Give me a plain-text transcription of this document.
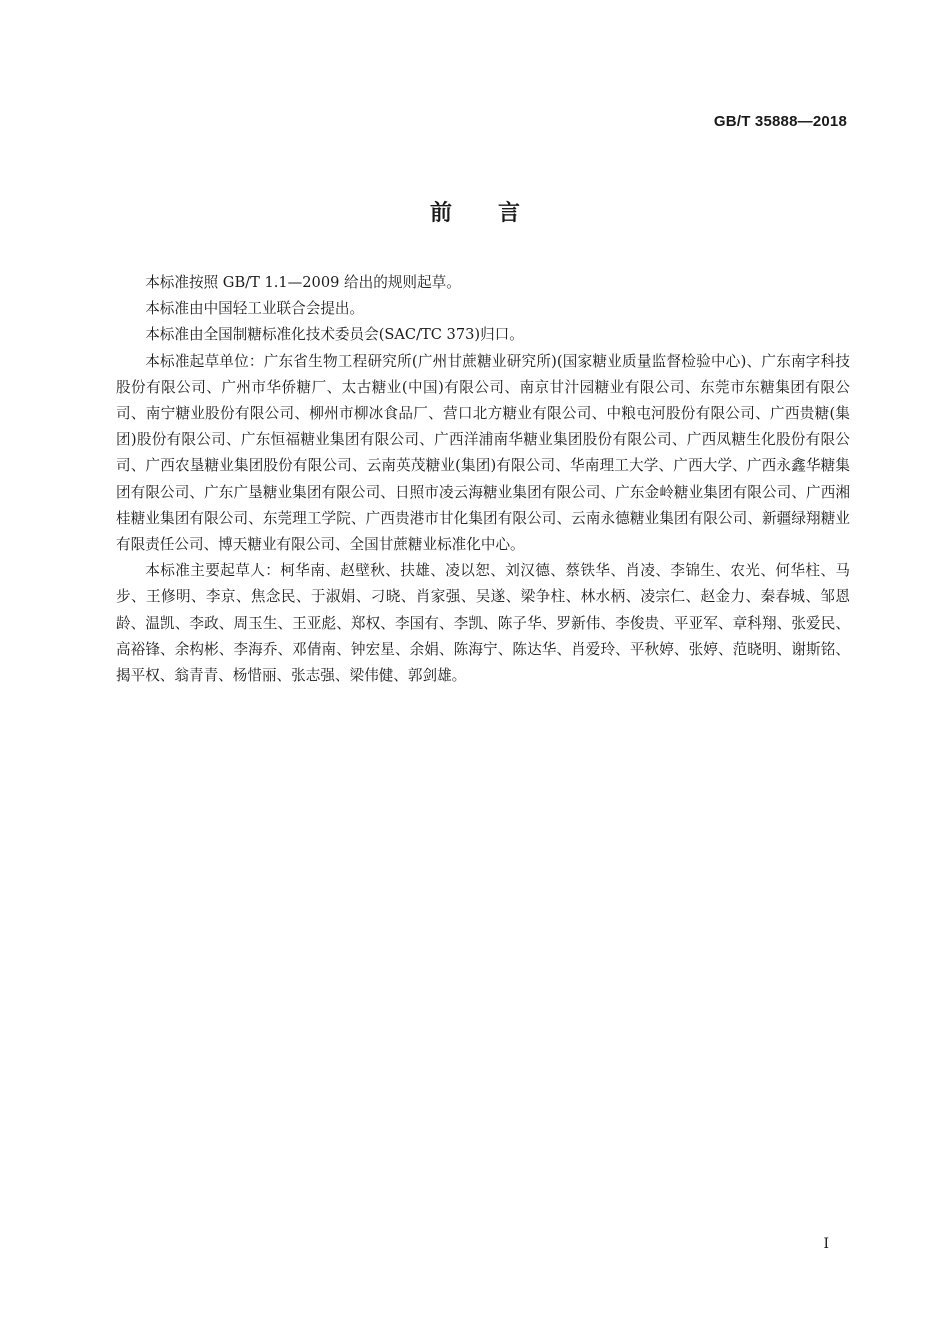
GB/T 35888—2018
前言

本标准按照 GB/T 1.1—2009 给出的规则起草。

本标准由中国轻工业联合会提出。

本标准由全国制糖标准化技术委员会(SAC/TC 373)归口。

本标准起草单位：广东省生物工程研究所(广州甘蔗糖业研究所)(国家糖业质量监督检验中心)、广东南字科技股份有限公司、广州市华侨糖厂、太古糖业(中国)有限公司、南京甘汁园糖业有限公司、东莞市东糖集团有限公司、南宁糖业股份有限公司、柳州市柳冰食品厂、营口北方糖业有限公司、中粮屯河股份有限公司、广西贵糖(集团)股份有限公司、广东恒福糖业集团有限公司、广西洋浦南华糖业集团股份有限公司、广西凤糖生化股份有限公司、广西农垦糖业集团股份有限公司、云南英茂糖业(集团)有限公司、华南理工大学、广西大学、广西永鑫华糖集团有限公司、广东广垦糖业集团有限公司、日照市凌云海糖业集团有限公司、广东金岭糖业集团有限公司、广西湘桂糖业集团有限公司、东莞理工学院、广西贵港市甘化集团有限公司、云南永德糖业集团有限公司、新疆绿翔糖业有限责任公司、博天糖业有限公司、全国甘蔗糖业标准化中心。

本标准主要起草人：柯华南、赵壁秋、扶雄、凌以恕、刘汉德、蔡铁华、肖凌、李锦生、农光、何华柱、马步、王修明、李京、焦念民、于淑娟、刁晓、肖家强、吴遂、梁争柱、林水柄、凌宗仁、赵金力、秦春城、邹恩龄、温凯、李政、周玉生、王亚彪、郑权、李国有、李凯、陈子华、罗新伟、李俊贵、平亚军、章科翔、张爱民、高裕锋、余构彬、李海乔、邓倩南、钟宏星、余娟、陈海宁、陈达华、肖爱玲、平秋婷、张婷、范晓明、谢斯铭、揭平权、翁青青、杨惜丽、张志强、梁伟健、郭剑雄。

I
